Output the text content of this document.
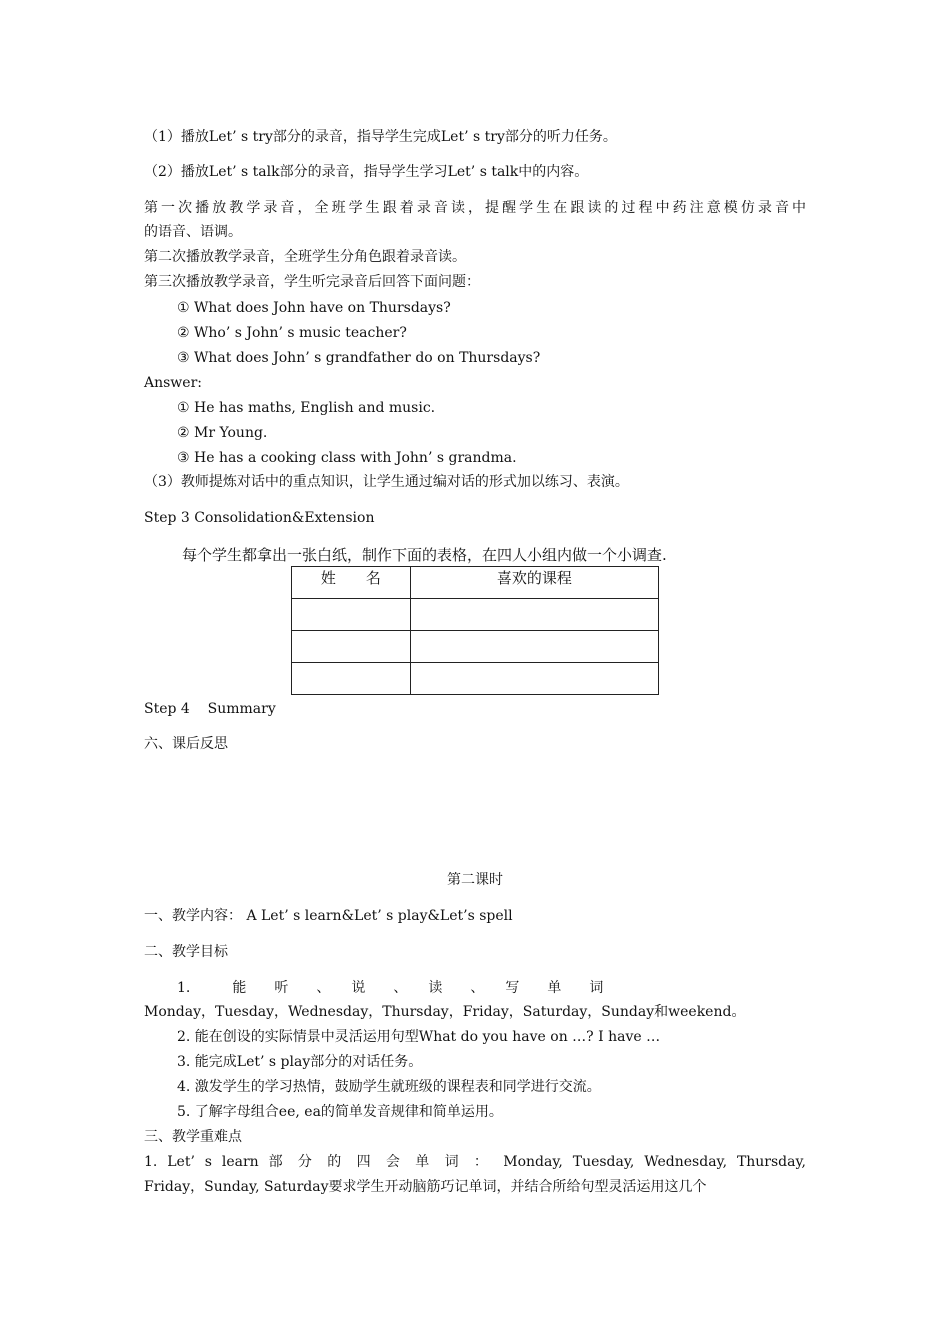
（1）播放Let’ s try部分的录音，指导学生完成Let’ s try部分的听力任务。
（2）播放Let’ s talk部分的录音，指导学生学习Let’ s talk中的内容。
第一次播放教学录音，全班学生跟着录音读，提醒学生在跟读的过程中药注意模仿录音中
的语音、语调。
第二次播放教学录音，全班学生分角色跟着录音读。
第三次播放教学录音，学生听完录音后回答下面问题：
① What does John have on Thursdays?
② Who’ s John’ s music teacher?
③ What does John’ s grandfather do on Thursdays?
Answer:
① He has maths, English and music.
② Mr Young.
③ He has a cooking class with John’ s grandma.
（3）教师提炼对话中的重点知识，让学生通过编对话的形式加以练习、表演。
Step 3 Consolidation&Extension
每个学生都拿出一张白纸，制作下面的表格，在四人小组内做一个小调查.
姓　　名	喜欢的课程

Step 4    Summary
六、课后反思
第二课时
一、教学内容： A Let’ s learn&Let’ s play&Let’s spell
二、教学目标
1.　　　能　　听　　、　　说　　、　　读　　、　　写　　单　　词
Monday，Tuesday，Wednesday，Thursday，Friday，Saturday，Sunday和weekend。
2. 能在创设的实际情景中灵活运用句型What do you have on …? I have …
3. 能完成Let’ s play部分的对话任务。
4. 激发学生的学习热情，鼓励学生就班级的课程表和同学进行交流。
5. 了解字母组合ee, ea的简单发音规律和简单运用。
三、教学重难点
1. Let’ s learn 部 分 的 四 会 单 词 ： Monday, Tuesday, Wednesday, Thursday,
Friday，Sunday, Saturday要求学生开动脑筋巧记单词，并结合所给句型灵活运用这几个
